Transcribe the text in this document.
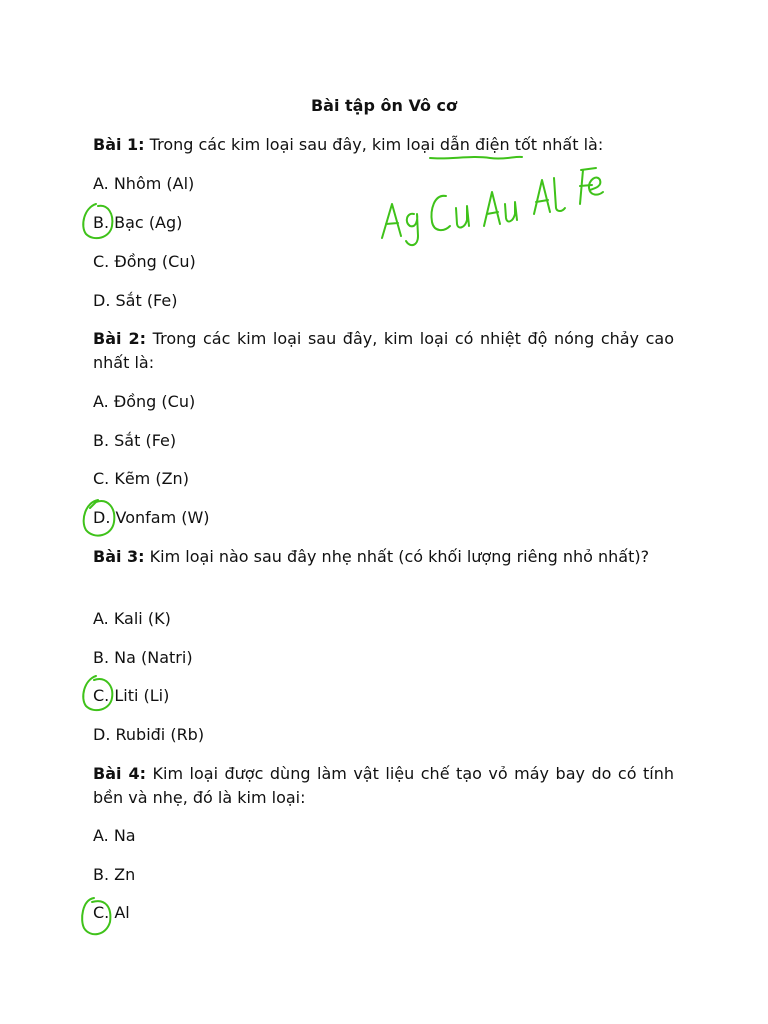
Bài tập ôn Vô cơ
Bài 1: Trong các kim loại sau đây, kim loại dẫn điện tốt nhất là:
A. Nhôm (Al)
B. Bạc (Ag)
C. Đồng (Cu)
D. Sắt (Fe)
Bài 2: Trong các kim loại sau đây, kim loại có nhiệt độ nóng chảy cao nhất là:
A. Đồng (Cu)
B. Sắt (Fe)
C. Kẽm (Zn)
D. Vonfam (W)
Bài 3: Kim loại nào sau đây nhẹ nhất (có khối lượng riêng nhỏ nhất)?
A. Kali (K)
B. Na (Natri)
C. Liti (Li)
D. Rubiđi (Rb)
Bài 4: Kim loại được dùng làm vật liệu chế tạo vỏ máy bay do có tính bền và nhẹ, đó là kim loại:
A. Na
B. Zn
C. Al
